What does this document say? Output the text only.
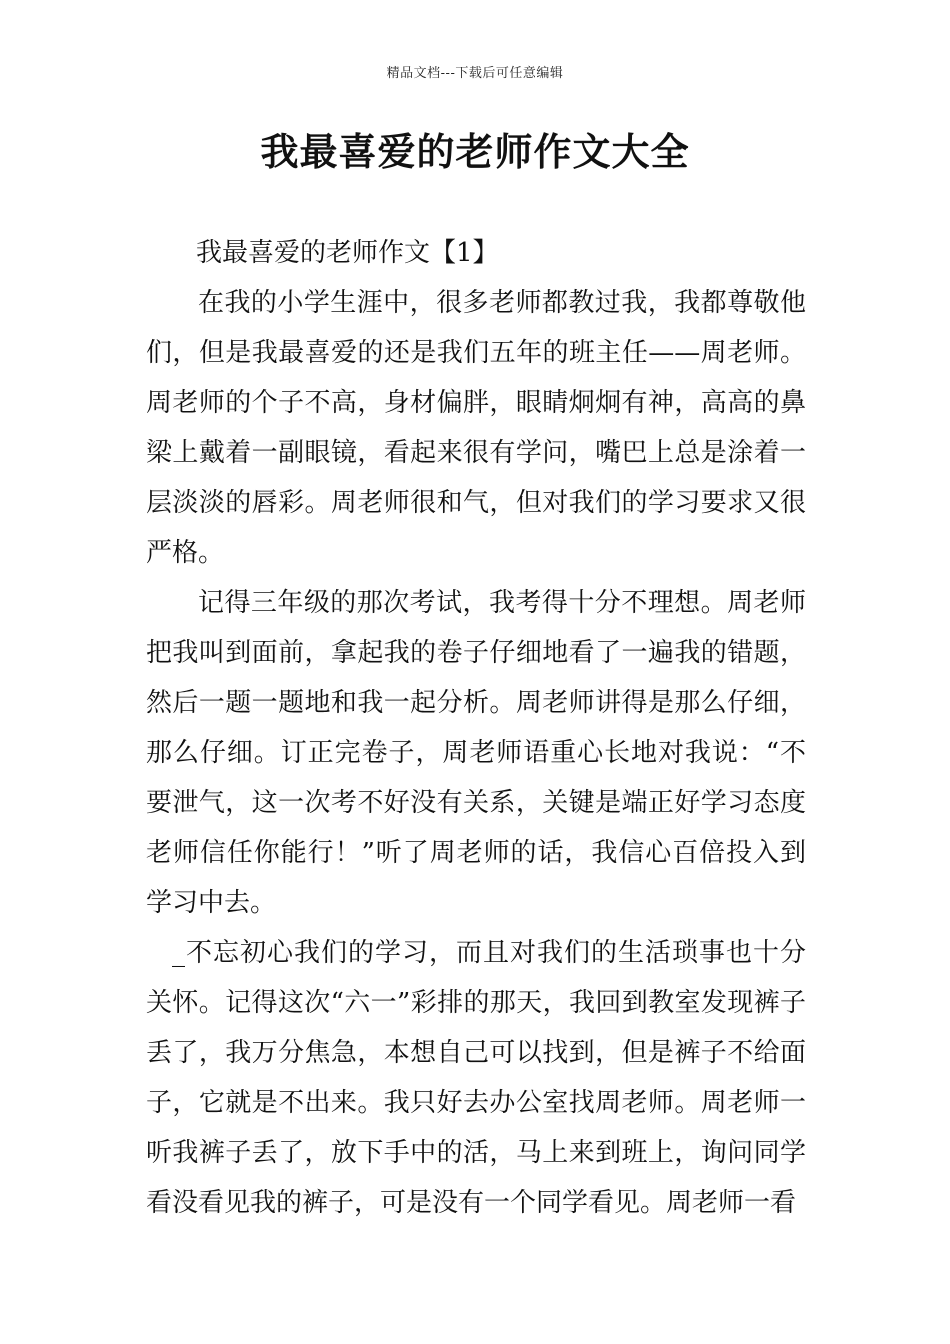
精品文档---下载后可任意编辑
我最喜爱的老师作文大全

我最喜爱的老师作文【1】

在我的小学生涯中，很多老师都教过我，我都尊敬他们，但是我最喜爱的还是我们五年的班主任——周老师。周老师的个子不高，身材偏胖，眼睛炯炯有神，高高的鼻梁上戴着一副眼镜，看起来很有学问，嘴巴上总是涂着一层淡淡的唇彩。周老师很和气，但对我们的学习要求又很严格。

记得三年级的那次考试，我考得十分不理想。周老师把我叫到面前，拿起我的卷子仔细地看了一遍我的错题，然后一题一题地和我一起分析。周老师讲得是那么仔细，那么仔细。订正完卷子，周老师语重心长地对我说：“不要泄气，这一次考不好没有关系，关键是端正好学习态度老师信任你能行！”听了周老师的话，我信心百倍投入到学习中去。

_不忘初心我们的学习，而且对我们的生活琐事也十分关怀。记得这次“六一”彩排的那天，我回到教室发现裤子丢了，我万分焦急，本想自己可以找到，但是裤子不给面子，它就是不出来。我只好去办公室找周老师。周老师一听我裤子丢了，放下手中的活，马上来到班上，询问同学看没看见我的裤子，可是没有一个同学看见。周老师一看
